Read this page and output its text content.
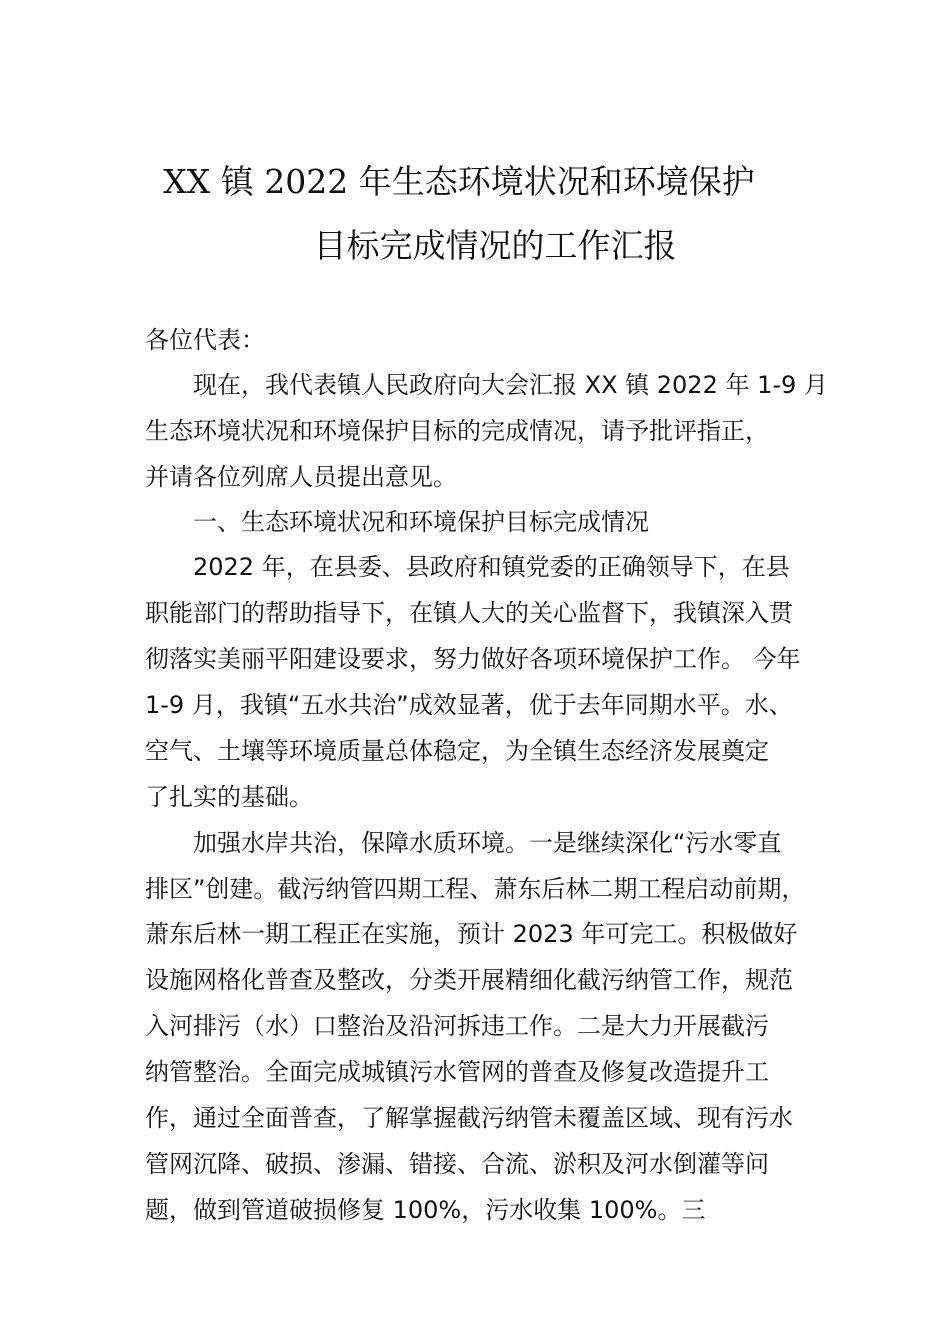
XX 镇 2022 年生态环境状况和环境保护
目标完成情况的工作汇报
各位代表：
现在，我代表镇人民政府向大会汇报 XX 镇 2022 年 1-9 月
生态环境状况和环境保护目标的完成情况，请予批评指正，
并请各位列席人员提出意见。
一、生态环境状况和环境保护目标完成情况
2022 年，在县委、县政府和镇党委的正确领导下，在县
职能部门的帮助指导下，在镇人大的关心监督下，我镇深入贯
彻落实美丽平阳建设要求，努力做好各项环境保护工作。 今年
1-9 月，我镇“五水共治”成效显著，优于去年同期水平。水、
空气、土壤等环境质量总体稳定，为全镇生态经济发展奠定
了扎实的基础。
加强水岸共治，保障水质环境。一是继续深化“污水零直
排区”创建。截污纳管四期工程、萧东后林二期工程启动前期，
萧东后林一期工程正在实施，预计 2023 年可完工。积极做好
设施网格化普查及整改，分类开展精细化截污纳管工作，规范
入河排污（水）口整治及沿河拆违工作。二是大力开展截污
纳管整治。全面完成城镇污水管网的普查及修复改造提升工
作，通过全面普查，了解掌握截污纳管未覆盖区域、现有污水
管网沉降、破损、渗漏、错接、合流、淤积及河水倒灌等问
题，做到管道破损修复 100%，污水收集 100%。三
